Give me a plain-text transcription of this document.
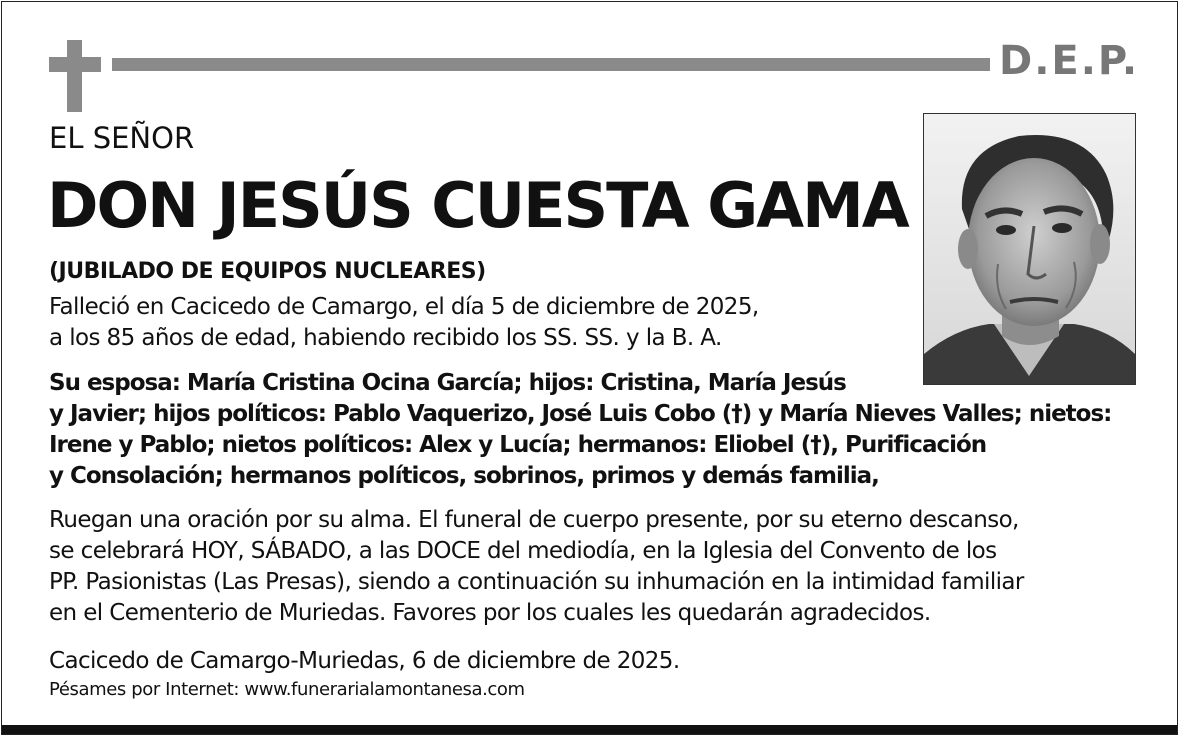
D.E.P.
EL SEÑOR
DON JESÚS CUESTA GAMA
(JUBILADO DE EQUIPOS NUCLEARES)
Falleció en Cacicedo de Camargo, el día 5 de diciembre de 2025,
a los 85 años de edad, habiendo recibido los SS. SS. y la B. A.
Su esposa: María Cristina Ocina García; hijos: Cristina, María Jesús
y Javier; hijos políticos: Pablo Vaquerizo, José Luis Cobo (†) y María Nieves Valles; nietos:
Irene y Pablo; nietos políticos: Alex y Lucía; hermanos: Eliobel (†), Purificación
y Consolación; hermanos políticos, sobrinos, primos y demás familia,
Ruegan una oración por su alma. El funeral de cuerpo presente, por su eterno descanso,
se celebrará HOY, SÁBADO, a las DOCE del mediodía, en la Iglesia del Convento de los
PP. Pasionistas (Las Presas), siendo a continuación su inhumación en la intimidad familiar
en el Cementerio de Muriedas. Favores por los cuales les quedarán agradecidos.
Cacicedo de Camargo-Muriedas, 6 de diciembre de 2025.
Pésames por Internet: www.funerarialamontanesa.com
